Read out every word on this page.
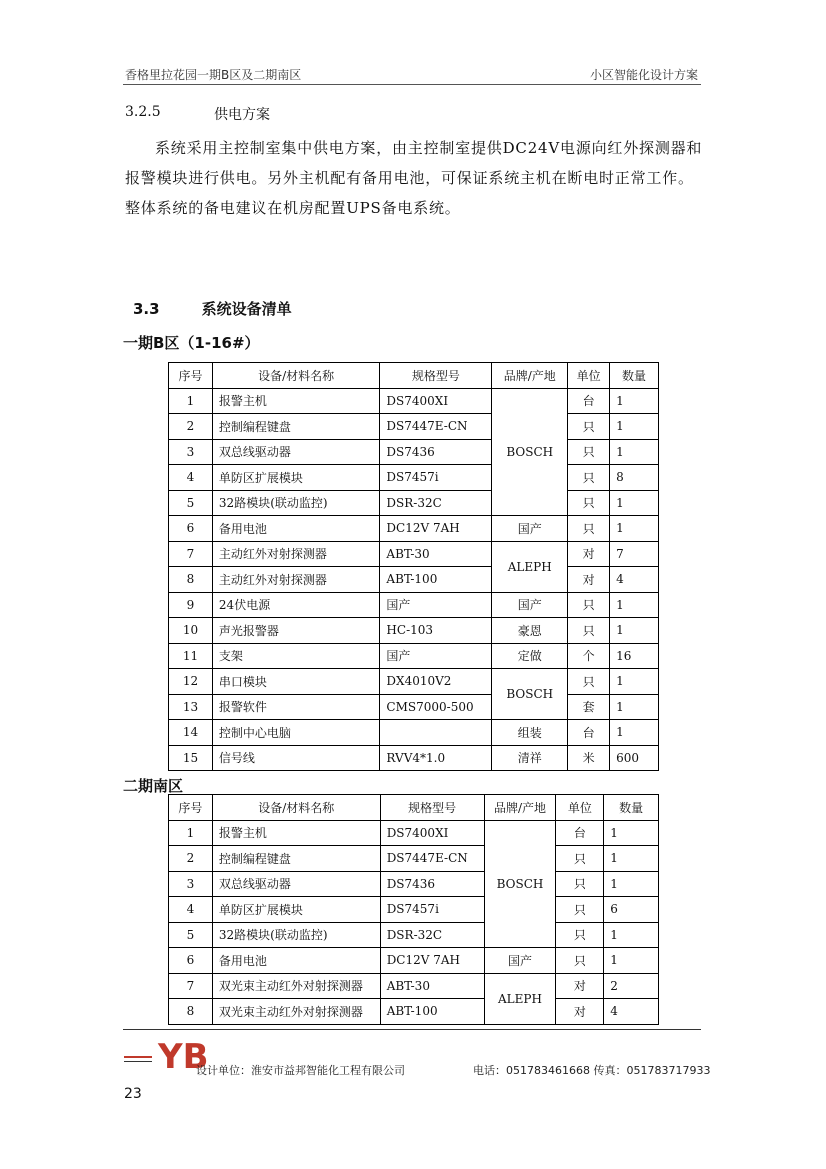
香格里拉花园一期B区及二期南区	小区智能化设计方案
3.2.5	供电方案

系统采用主控制室集中供电方案，由主控制室提供DC24V电源向红外探测器和报警模块进行供电。另外主机配有备用电池，可保证系统主机在断电时正常工作。整体系统的备电建议在机房配置UPS备电系统。

3.3	系统设备清单
一期B区（1-16#）
序号	设备/材料名称	规格型号	品牌/产地	单位	数量
1	报警主机	DS7400XI	BOSCH	台	1
2	控制编程键盘	DS7447E-CN		只	1
3	双总线驱动器	DS7436		只	1
4	单防区扩展模块	DS7457i		只	8
5	32路模块(联动监控)	DSR-32C		只	1
6	备用电池	DC12V 7AH	国产	只	1
7	主动红外对射探测器	ABT-30	ALEPH	对	7
8	主动红外对射探测器	ABT-100		对	4
9	24伏电源	国产	国产	只	1
10	声光报警器	HC-103	豪恩	只	1
11	支架	国产	定做	个	16
12	串口模块	DX4010V2	BOSCH	只	1
13	报警软件	CMS7000-500		套	1
14	控制中心电脑		组装	台	1
15	信号线	RVV4*1.0	清祥	米	600
二期南区
序号	设备/材料名称	规格型号	品牌/产地	单位	数量
1	报警主机	DS7400XI	BOSCH	台	1
2	控制编程键盘	DS7447E-CN		只	1
3	双总线驱动器	DS7436		只	1
4	单防区扩展模块	DS7457i		只	6
5	32路模块(联动监控)	DSR-32C		只	1
6	备用电池	DC12V 7AH	国产	只	1
7	双光束主动红外对射探测器	ABT-30	ALEPH	对	2
8	双光束主动红外对射探测器	ABT-100		对	4
YB
设计单位：淮安市益邦智能化工程有限公司	电话：051783461668 传真：051783717933
23
